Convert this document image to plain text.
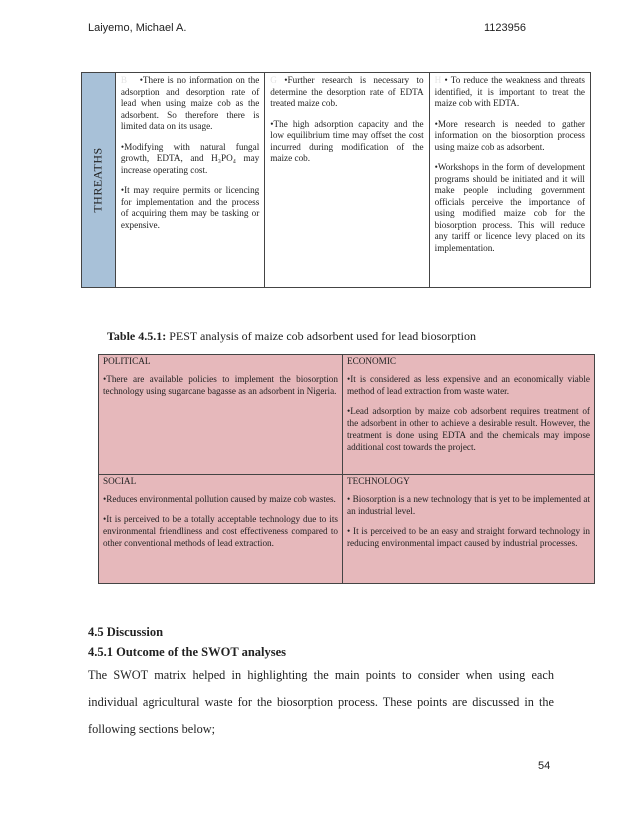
Laiyemo, Michael A.	1123956
THREATHS

B •There is no information on the adsorption and desorption rate of lead when using maize cob as the adsorbent. So therefore there is limited data on its usage.

•Modifying with natural fungal growth, EDTA, and H₃PO₄ may increase operating cost.

•It may require permits or licencing for implementation and the process of acquiring them may be tasking or expensive.

G •Further research is necessary to determine the desorption rate of EDTA treated maize cob.

•The high adsorption capacity and the low equilibrium time may offset the cost incurred during modification of the maize cob.

H • To reduce the weakness and threats identified, it is important to treat the maize cob with EDTA.

•More research is needed to gather information on the biosorption process using maize cob as adsorbent.

•Workshops in the form of development programs should be initiated and it will make people including government officials perceive the importance of using modified maize cob for the biosorption process. This will reduce any tariff or licence levy placed on its implementation.

Table 4.5.1: PEST analysis of maize cob adsorbent used for lead biosorption

POLITICAL

•There are available policies to implement the biosorption technology using sugarcane bagasse as an adsorbent in Nigeria.

ECONOMIC

•It is considered as less expensive and an economically viable method of lead extraction from waste water.

•Lead adsorption by maize cob adsorbent requires treatment of the adsorbent in other to achieve a desirable result. However, the treatment is done using EDTA and the chemicals may impose additional cost towards the project.

SOCIAL

•Reduces environmental pollution caused by maize cob wastes.

•It is perceived to be a totally acceptable technology due to its environmental friendliness and cost effectiveness compared to other conventional methods of lead extraction.

TECHNOLOGY

• Biosorption is a new technology that is yet to be implemented at an industrial level.

• It is perceived to be an easy and straight forward technology in reducing environmental impact caused by industrial processes.

4.5 Discussion
4.5.1 Outcome of the SWOT analyses
The SWOT matrix helped in highlighting the main points to consider when using each individual agricultural waste for the biosorption process. These points are discussed in the following sections below;
54
